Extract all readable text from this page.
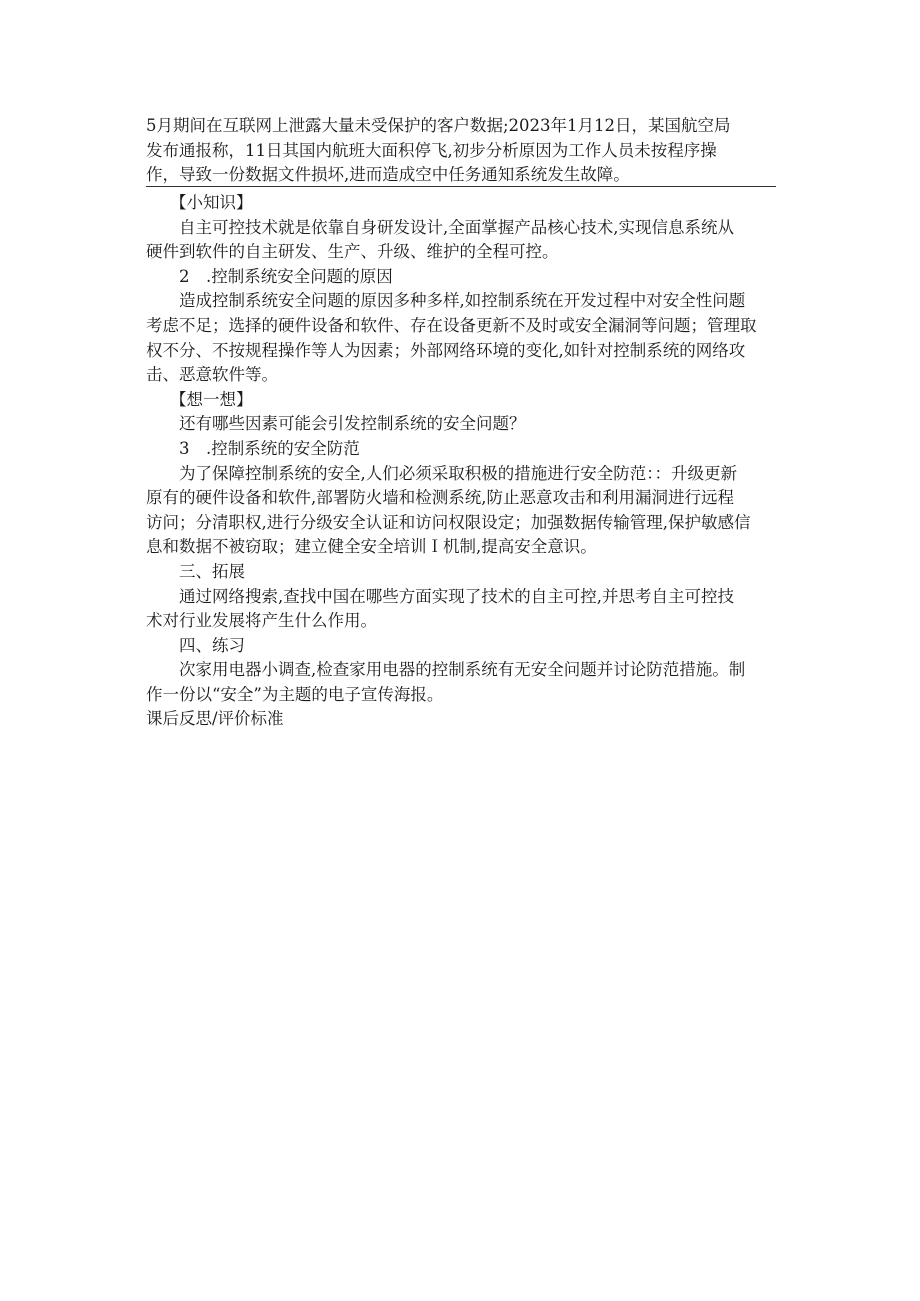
5月期间在互联网上泄露大量未受保护的客户数据;2023年1月12日，某国航空局
发布通报称，11日其国内航班大面积停飞,初步分析原因为工作人员未按程序操
作，导致一份数据文件损坏,进而造成空中任务通知系统发生故障。
【小知识】
自主可控技术就是依靠自身研发设计,全面掌握产品核心技术,实现信息系统从
硬件到软件的自主研发、生产、升级、维护的全程可控。
2　.控制系统安全问题的原因
造成控制系统安全问题的原因多种多样,如控制系统在开发过程中对安全性问题
考虑不足；选择的硬件设备和软件、存在设备更新不及时或安全漏洞等问题；管理取
权不分、不按规程操作等人为因素；外部网络环境的变化,如针对控制系统的网络攻
击、恶意软件等。
【想一想】
还有哪些因素可能会引发控制系统的安全问题？
3　.控制系统的安全防范
为了保障控制系统的安全,人们必须采取积极的措施进行安全防范：：升级更新
原有的硬件设备和软件,部署防火墙和检测系统,防止恶意攻击和利用漏洞进行远程
访问；分清职权,进行分级安全认证和访问权限设定；加强数据传输管理,保护敏感信
息和数据不被窃取；建立健全安全培训Ｉ机制,提高安全意识。
三、拓展
通过网络搜索,查找中国在哪些方面实现了技术的自主可控,并思考自主可控技
术对行业发展将产生什么作用。
四、练习
次家用电器小调查,检查家用电器的控制系统有无安全问题并讨论防范措施。制
作一份以“安全”为主题的电子宣传海报。
课后反思/评价标准
